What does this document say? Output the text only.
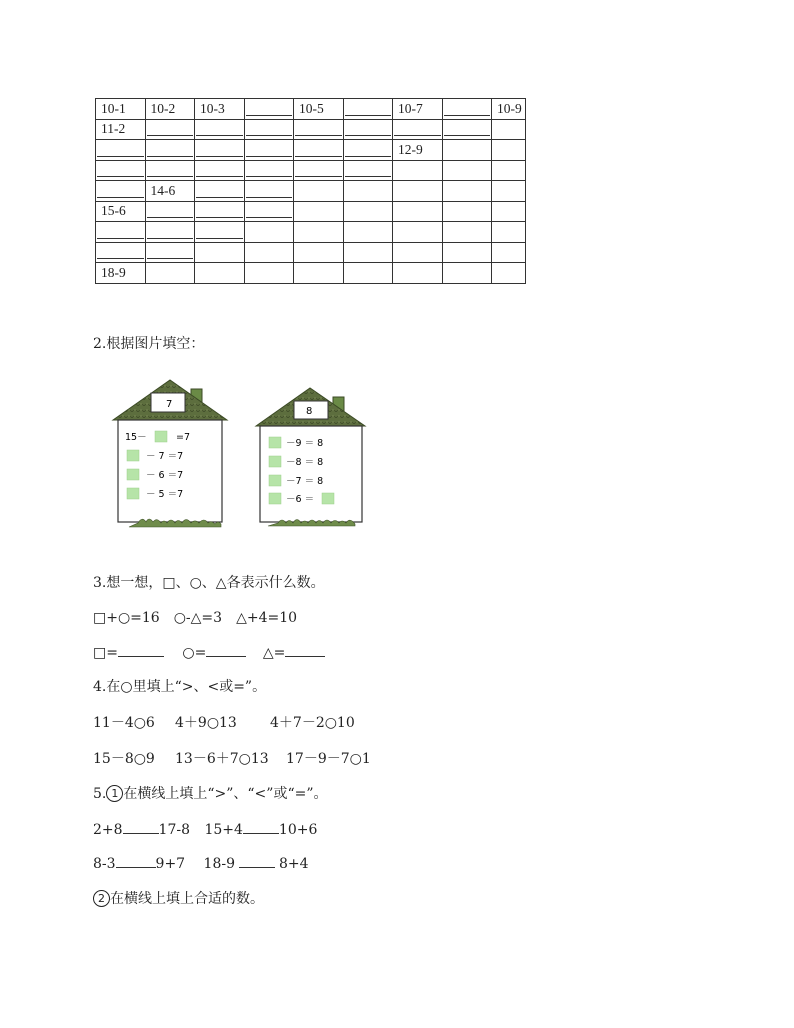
10-1	10-2	10-3		10-5		10-7		10-9
11-2								
						12-9		

	14-6							
15-6								

18-9								
2.根据图片填空：
7
15－	=7
－ 7 ＝7
－ 6 ＝7
－ 5 ＝7
8
－9 ＝ 8
－8 ＝ 8
－7 ＝ 8
－6 ＝
3.想一想，□、○、△各表示什么数。
□+○=16　○-△=3　△+4=10
□=	○=	△=
4.在○里填上“>、<或=”。
11－4○6 4＋9○13 4＋7－2○10
15－8○9 13－6＋7○13 17－9－7○1
5. 1 在横线上填上“>”、“<”或“=”。
2+8	17-8 15+4	10+6
8-3	9+7 18-9	8+4
2 在横线上填上合适的数。
